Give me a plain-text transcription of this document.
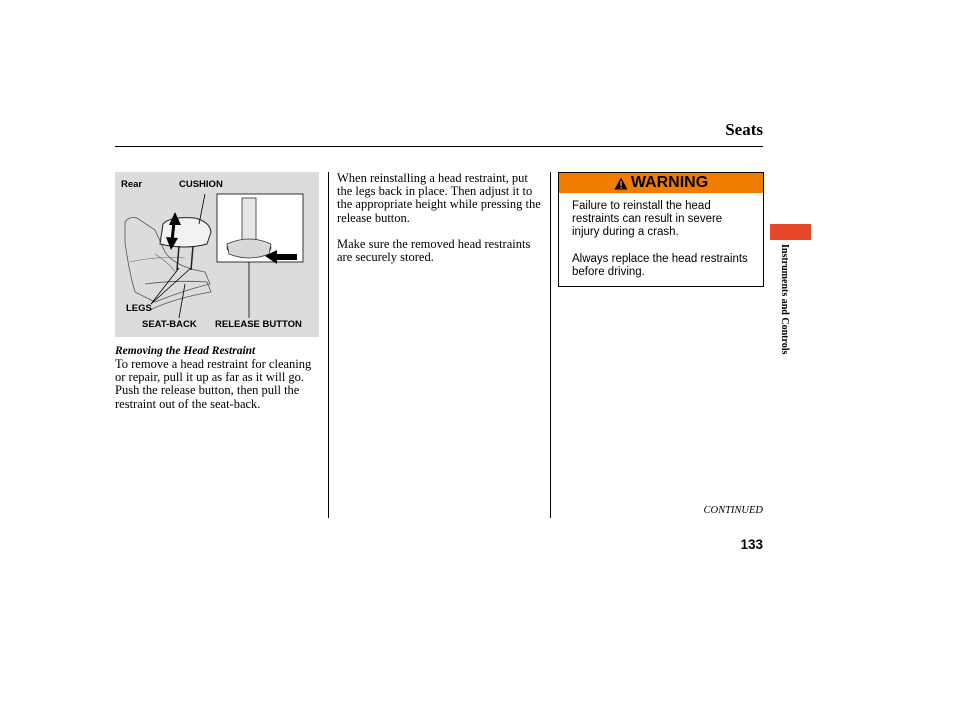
Seats
Rear	CUSHION
LEGS
SEAT-BACK RELEASE BUTTON
Removing the Head Restraint
To remove a head restraint for cleaning or repair, pull it up as far as it will go. Push the release button, then pull the restraint out of the seat-back.
When reinstalling a head restraint, put the legs back in place. Then adjust it to the appropriate height while pressing the release button.
Make sure the removed head restraints are securely stored.
WARNING
Failure to reinstall the head restraints can result in severe injury during a crash.
Always replace the head restraints before driving.	Instruments and Controls
CONTINUED
133
